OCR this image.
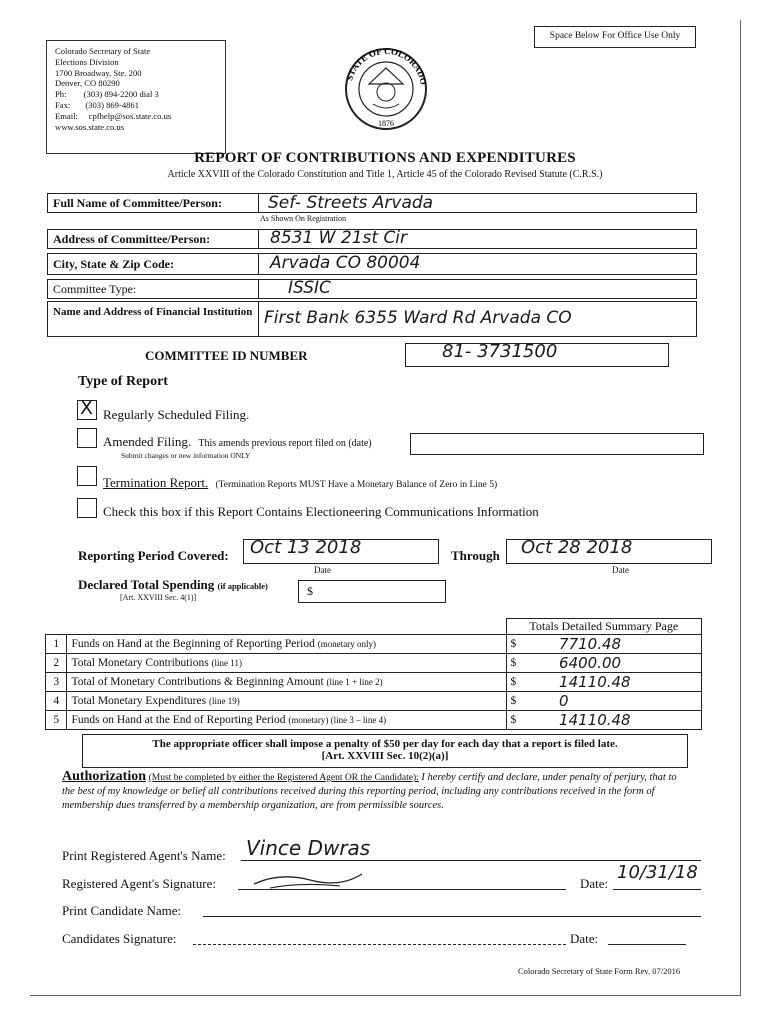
Space Below For Office Use Only
Colorado Secretary of State
Elections Division
1700 Broadway, Ste. 200
Denver, CO 80290
Ph:        (303) 894-2200 dial 3
Fax:       (303) 869-4861
Email:     cpfhelp@sos.state.co.us
www.sos.state.co.us
STATE OF COLORADO
1876
REPORT OF CONTRIBUTIONS AND EXPENDITURES
Article XXVIII of the Colorado Constitution and Title 1, Article 45 of the Colorado Revised Statute (C.R.S.)
Full Name of Committee/Person:	Sef- Streets Arvada
As Shown On Registration
Address of Committee/Person:	8531 W 21st Cir
City, State & Zip Code:	Arvada CO 80004
Committee Type:	ISSIC
Name and Address of Financial Institution First Bank 6355 Ward Rd Arvada CO
COMMITTEE ID NUMBER	81- 3731500
Type of Report
X Regularly Scheduled Filing.
Amended Filing. This amends previous report filed on (date)
Submit changes or new information ONLY
Termination Report. (Termination Reports MUST Have a Monetary Balance of Zero in Line 5)
Check this box if this Report Contains Electioneering Communications Information
Reporting Period Covered: Oct 13 2018
Date
Through Oct 28 2018
Date
Declared Total Spending (if applicable)
[Art. XXVIII Sec. 4(1)]	$
		Totals Detailed Summary Page	
1	Funds on Hand at the Beginning of Reporting Period (monetary only)	$	7710.48
2	Total Monetary Contributions (line 11)	$	6400.00
3	Total of Monetary Contributions & Beginning Amount (line 1 + line 2)	$	14110.48
4	Total Monetary Expenditures (line 19)	$	0
5	Funds on Hand at the End of Reporting Period (monetary) (line 3 – line 4)	$	14110.48
The appropriate officer shall impose a penalty of $50 per day for each day that a report is filed late.
[Art. XXVIII Sec. 10(2)(a)]
Authorization (Must be completed by either the Registered Agent OR the Candidate): I hereby certify and declare, under penalty of perjury, that to the best of my knowledge or belief all contributions received during this reporting period, including any contributions received in the form of membership dues transferred by a membership organization, are from permissible sources.
Print Registered Agent's Name: Vince Dwras
Registered Agent's Signature:	Date:
10/31/18
Print Candidate Name:
Candidates Signature:	Date:
Colorado Secretary of State Form Rev. 07/2016
